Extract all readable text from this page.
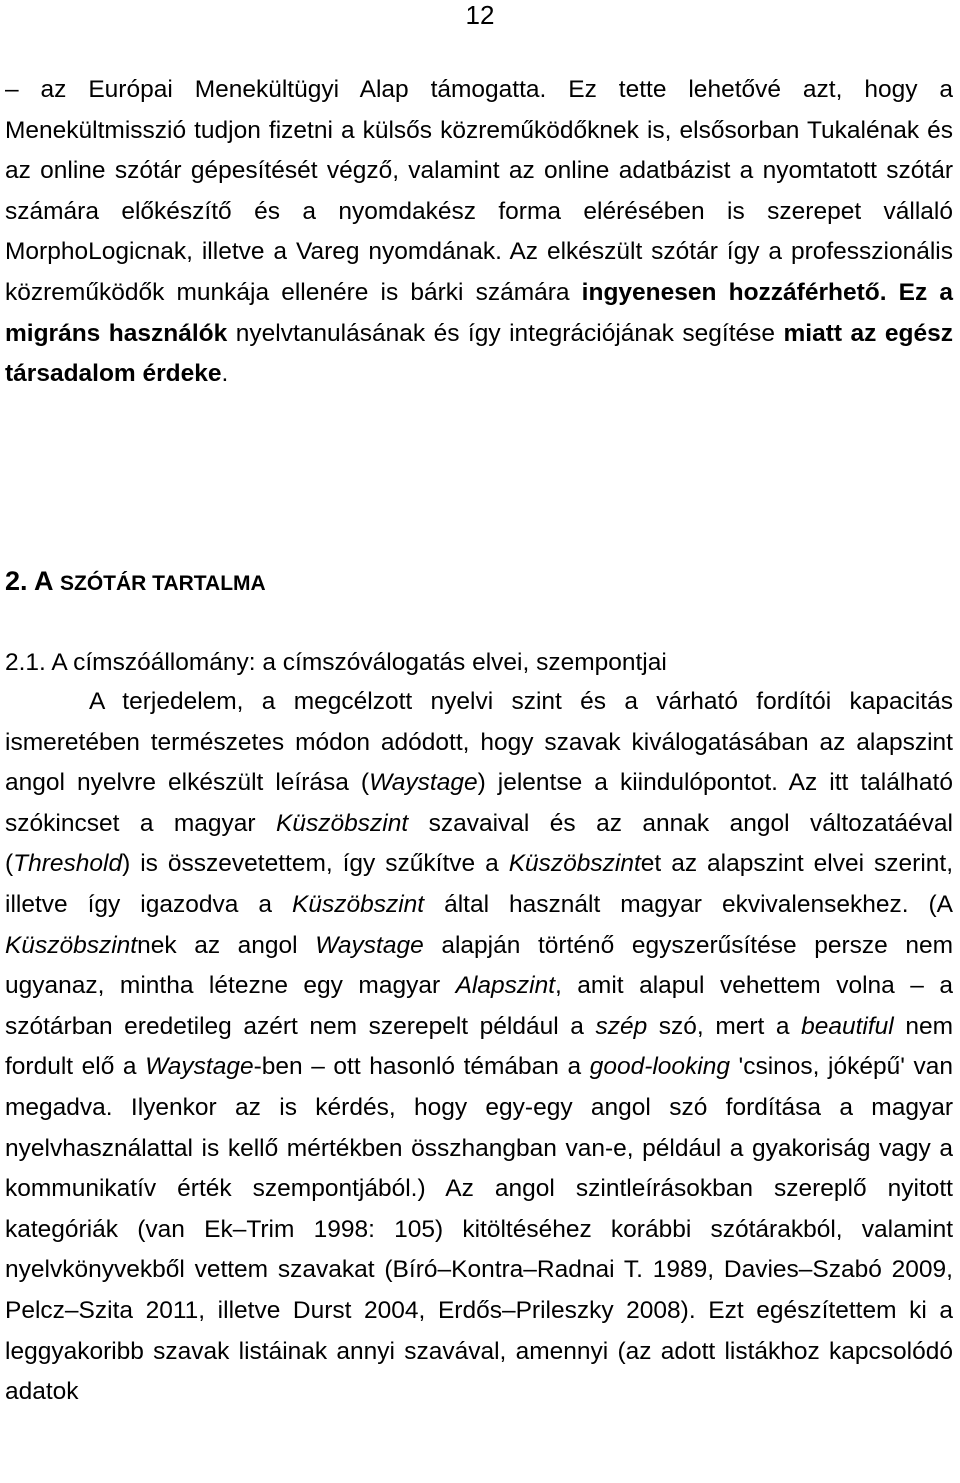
12

– az Európai Menekültügyi Alap támogatta. Ez tette lehetővé azt, hogy a Menekültmisszió tudjon fizetni a külsős közreműködőknek is, elsősorban Tukalénak és az online szótár gépesítését végző, valamint az online adatbázist a nyomtatott szótár számára előkészítő és a nyomdakész forma elérésében is szerepet vállaló MorphoLogicnak, illetve a Vareg nyomdának. Az elkészült szótár így a professzionális közreműködők munkája ellenére is bárki számára ingyenesen hozzáférhető. Ez a migráns használók nyelvtanulásának és így integrációjának segítése miatt az egész társadalom érdeke.

2. A SZÓTÁR TARTALMA
2.1. A címszóállomány: a címszóválogatás elvei, szempontjai

A terjedelem, a megcélzott nyelvi szint és a várható fordítói kapacitás ismeretében természetes módon adódott, hogy szavak kiválogatásában az alapszint angol nyelvre elkészült leírása (Waystage) jelentse a kiindulópontot. Az itt található szókincset a magyar Küszöbszint szavaival és az annak angol változatáéval (Threshold) is összevetettem, így szűkítve a Küszöbszintet az alapszint elvei szerint, illetve így igazodva a Küszöbszint által használt magyar ekvivalensekhez. (A Küszöbszintnek az angol Waystage alapján történő egyszerűsítése persze nem ugyanaz, mintha létezne egy magyar Alapszint, amit alapul vehettem volna – a szótárban eredetileg azért nem szerepelt például a szép szó, mert a beautiful nem fordult elő a Waystage-ben – ott hasonló témában a good-looking 'csinos, jóképű' van megadva. Ilyenkor az is kérdés, hogy egy-egy angol szó fordítása a magyar nyelvhasználattal is kellő mértékben összhangban van-e, például a gyakoriság vagy a kommunikatív érték szempontjából.) Az angol szintleírásokban szereplő nyitott kategóriák (van Ek–Trim 1998: 105) kitöltéséhez korábbi szótárakból, valamint nyelvkönyvekből vettem szavakat (Bíró–Kontra–Radnai T. 1989, Davies–Szabó 2009, Pelcz–Szita 2011, illetve Durst 2004, Erdős–Prileszky 2008). Ezt egészítettem ki a leggyakoribb szavak listáinak annyi szavával, amennyi (az adott listákhoz kapcsolódó adatok
